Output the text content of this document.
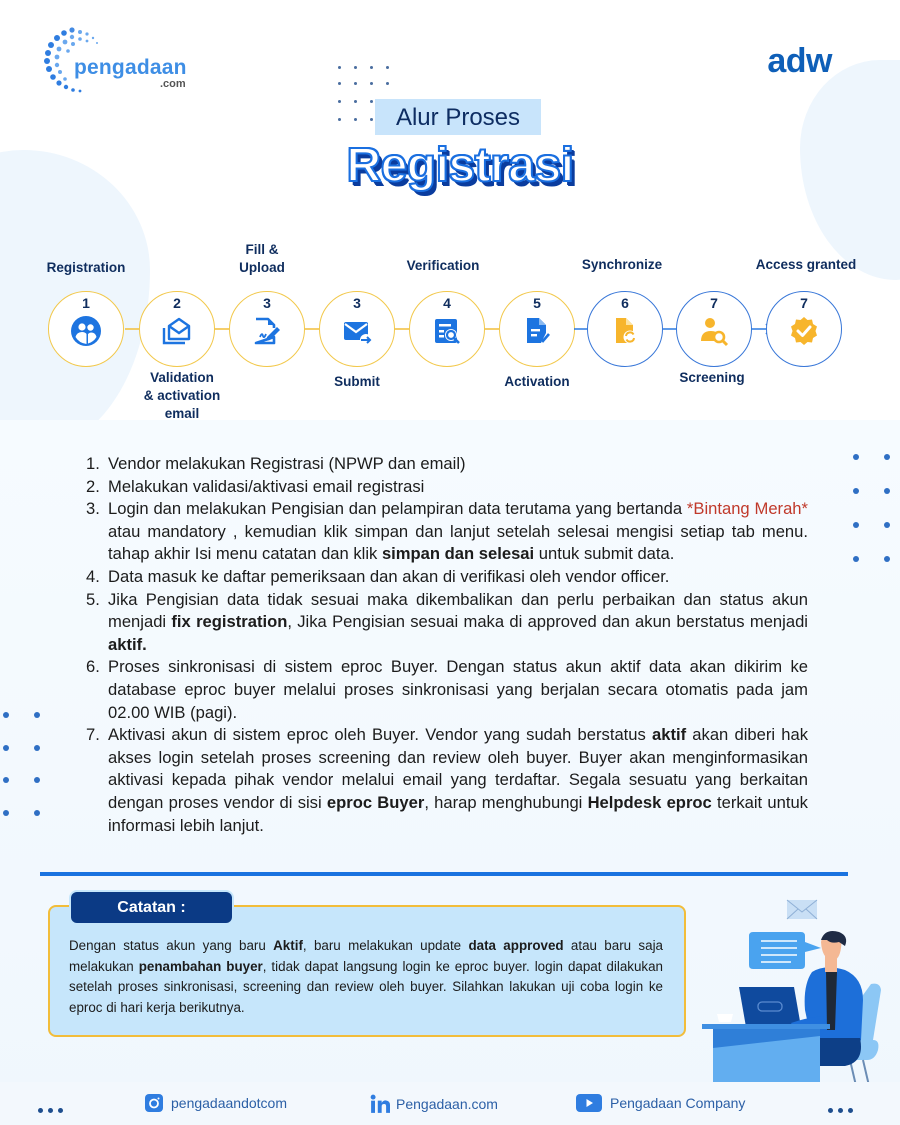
pengadaan
.com
adw
Alur Proses
Registrasi
Registration
1	2
Validation
& activation
email
Fill &
Upload
3	3
Submit
Verification
4	5
Activation
Synchronize
6	7
Screening
Access granted
7
1. Vendor melakukan Registrasi (NPWP dan email)
2. Melakukan validasi/aktivasi email registrasi
3. Login dan melakukan Pengisian dan pelampiran data terutama yang bertanda *Bintang Merah* atau mandatory , kemudian klik simpan dan lanjut setelah selesai mengisi setiap tab menu. tahap akhir Isi menu catatan dan klik simpan dan selesai untuk submit data.
4. Data masuk ke daftar pemeriksaan dan akan di verifikasi oleh vendor officer.
5. Jika Pengisian data tidak sesuai maka dikembalikan dan perlu perbaikan dan status akun menjadi fix registration, Jika Pengisian sesuai maka di approved dan akun berstatus menjadi aktif.
6. Proses sinkronisasi di sistem eproc Buyer. Dengan status akun aktif data akan dikirim ke database eproc buyer melalui proses sinkronisasi yang berjalan secara otomatis pada jam 02.00 WIB (pagi).
7. Aktivasi akun di sistem eproc oleh Buyer. Vendor yang sudah berstatus aktif akan diberi hak akses login setelah proses screening dan review oleh buyer. Buyer akan menginformasikan aktivasi kepada pihak vendor melalui email yang terdaftar. Segala sesuatu yang berkaitan dengan proses vendor di sisi eproc Buyer, harap menghubungi Helpdesk eproc terkait untuk informasi lebih lanjut.
Catatan :
Dengan status akun yang baru Aktif, baru melakukan update data approved atau baru saja melakukan penambahan buyer, tidak dapat langsung login ke eproc buyer. login dapat dilakukan setelah proses sinkronisasi, screening dan review oleh buyer. Silahkan lakukan uji coba login ke eproc di hari kerja berikutnya.
pengadaandotcom	Pengadaan.com	Pengadaan Company
